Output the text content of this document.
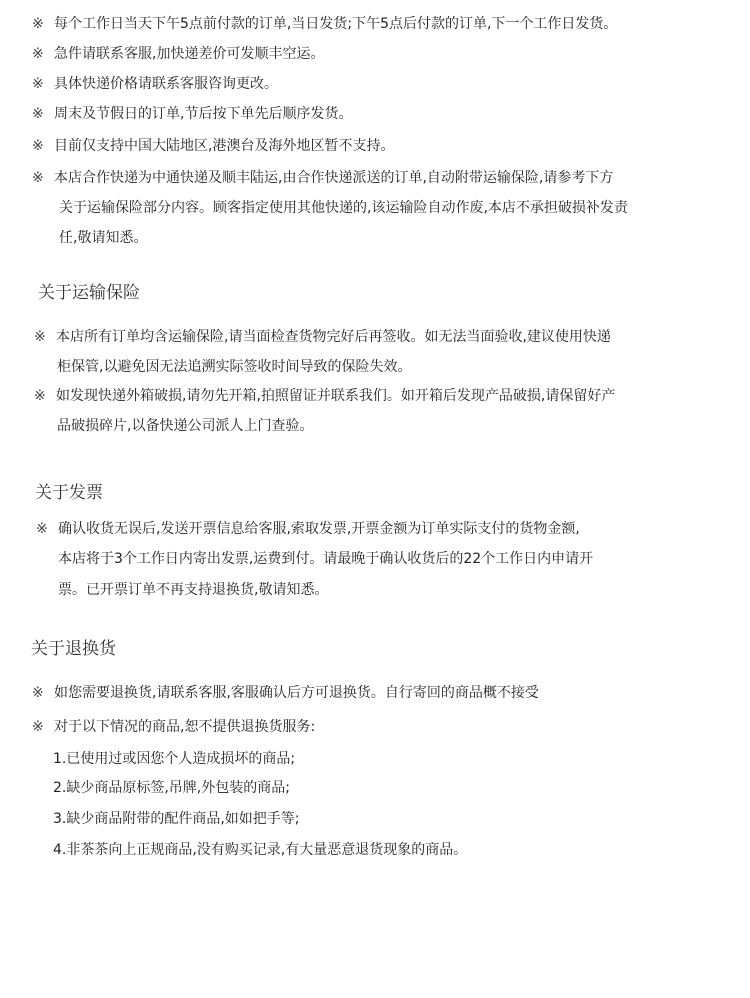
※ 每个工作日当天下午5点前付款的订单,当日发货;下午5点后付款的订单,下一个工作日发货。
※ 急件请联系客服,加快递差价可发顺丰空运。
※ 具体快递价格请联系客服咨询更改。
※ 周末及节假日的订单,节后按下单先后顺序发货。
※ 目前仅支持中国大陆地区,港澳台及海外地区暂不支持。
※ 本店合作快递为中通快递及顺丰陆运,由合作快递派送的订单,自动附带运输保险,请参考下方
关于运输保险部分内容。顾客指定使用其他快递的,该运输险自动作废,本店不承担破损补发责
任,敬请知悉。
关于运输保险
※ 本店所有订单均含运输保险,请当面检查货物完好后再签收。如无法当面验收,建议使用快递
柜保管,以避免因无法追溯实际签收时间导致的保险失效。
※ 如发现快递外箱破损,请勿先开箱,拍照留证并联系我们。如开箱后发现产品破损,请保留好产
品破损碎片,以备快递公司派人上门查验。
关于发票
※ 确认收货无误后,发送开票信息给客服,索取发票,开票金额为订单实际支付的货物金额,
本店将于3个工作日内寄出发票,运费到付。请最晚于确认收货后的22个工作日内申请开
票。已开票订单不再支持退换货,敬请知悉。
关于退换货
※ 如您需要退换货,请联系客服,客服确认后方可退换货。自行寄回的商品概不接受
※ 对于以下情况的商品,恕不提供退换货服务:
1.已使用过或因您个人造成损坏的商品;
2.缺少商品原标签,吊牌,外包装的商品;
3.缺少商品附带的配件商品,如如把手等;
4.非茶茶向上正规商品,没有购买记录,有大量恶意退货现象的商品。
